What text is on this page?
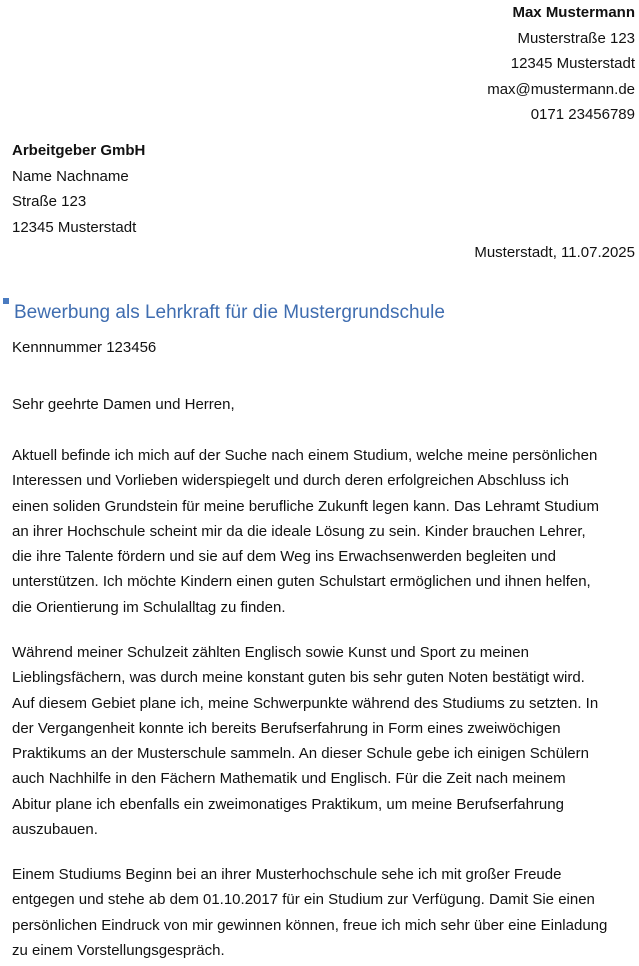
Max Mustermann
Musterstraße 123
12345 Musterstadt
max@mustermann.de
0171 23456789
Arbeitgeber GmbH
Name Nachname
Straße 123
12345 Musterstadt
Musterstadt, 11.07.2025
Bewerbung als Lehrkraft für die Mustergrundschule
Kennnummer 123456
Sehr geehrte Damen und Herren,
Aktuell befinde ich mich auf der Suche nach einem Studium, welche meine persönlichen
Interessen und Vorlieben widerspiegelt und durch deren erfolgreichen Abschluss ich
einen soliden Grundstein für meine berufliche Zukunft legen kann. Das Lehramt Studium
an ihrer Hochschule scheint mir da die ideale Lösung zu sein. Kinder brauchen Lehrer,
die ihre Talente fördern und sie auf dem Weg ins Erwachsenwerden begleiten und
unterstützen. Ich möchte Kindern einen guten Schulstart ermöglichen und ihnen helfen,
die Orientierung im Schulalltag zu finden.
Während meiner Schulzeit zählten Englisch sowie Kunst und Sport zu meinen
Lieblingsfächern, was durch meine konstant guten bis sehr guten Noten bestätigt wird.
Auf diesem Gebiet plane ich, meine Schwerpunkte während des Studiums zu setzten. In
der Vergangenheit konnte ich bereits Berufserfahrung in Form eines zweiwöchigen
Praktikums an der Musterschule sammeln. An dieser Schule gebe ich einigen Schülern
auch Nachhilfe in den Fächern Mathematik und Englisch. Für die Zeit nach meinem
Abitur plane ich ebenfalls ein zweimonatiges Praktikum, um meine Berufserfahrung
auszubauen.
Einem Studiums Beginn bei an ihrer Musterhochschule sehe ich mit großer Freude
entgegen und stehe ab dem 01.10.2017 für ein Studium zur Verfügung. Damit Sie einen
persönlichen Eindruck von mir gewinnen können, freue ich mich sehr über eine Einladung
zu einem Vorstellungsgespräch.
